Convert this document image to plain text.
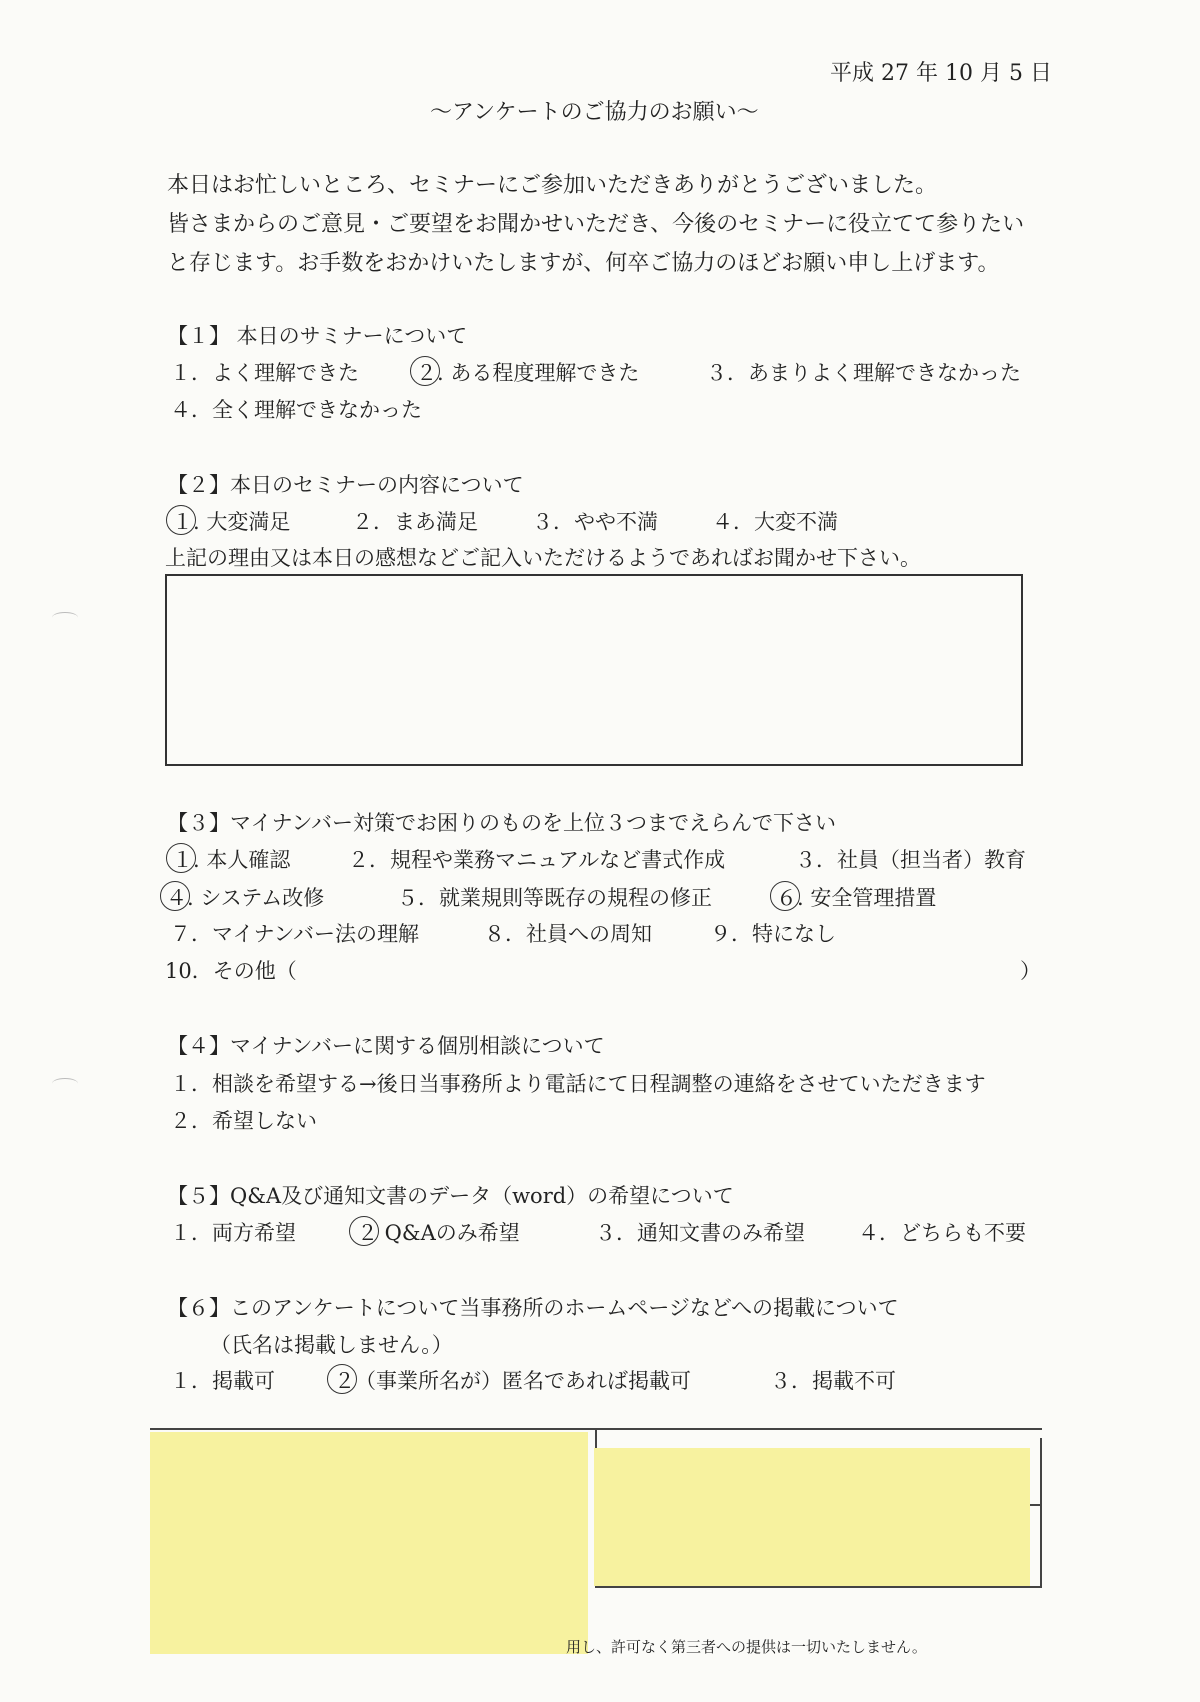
平成 27 年 10 月 5 日
～アンケートのご協力のお願い～
本日はお忙しいところ、セミナーにご参加いただきありがとうございました。
皆さまからのご意見・ご要望をお聞かせいただき、今後のセミナーに役立てて参りたい
と存じます。お手数をおかけいたしますが、何卒ご協力のほどお願い申し上げます。
【１】 本日のサミナーについて
１．よく理解できた	２. ある程度理解できた	３．あまりよく理解できなかった
４．全く理解できなかった
【２】本日のセミナーの内容について
１. 大変満足	２．まあ満足	３．やや不満	４．大変不満
上記の理由又は本日の感想などご記入いただけるようであればお聞かせ下さい。
【３】マイナンバー対策でお困りのものを上位３つまでえらんで下さい
１. 本人確認	２．規程や業務マニュアルなど書式作成	３．社員（担当者）教育
４. システム改修	５．就業規則等既存の規程の修正	６. 安全管理措置
７．マイナンバー法の理解	８．社員への周知	９．特になし
10．その他（	）
【４】マイナンバーに関する個別相談について
１．相談を希望する→後日当事務所より電話にて日程調整の連絡をさせていただきます
２．希望しない
【５】Q&A及び通知文書のデータ（word）の希望について
１．両方希望	２ Q&Aのみ希望	３．通知文書のみ希望	４．どちらも不要
【６】このアンケートについて当事務所のホームページなどへの掲載について
（氏名は掲載しません。）
１．掲載可	２（事業所名が）匿名であれば掲載可	３．掲載不可
用し、許可なく第三者への提供は一切いたしません。
